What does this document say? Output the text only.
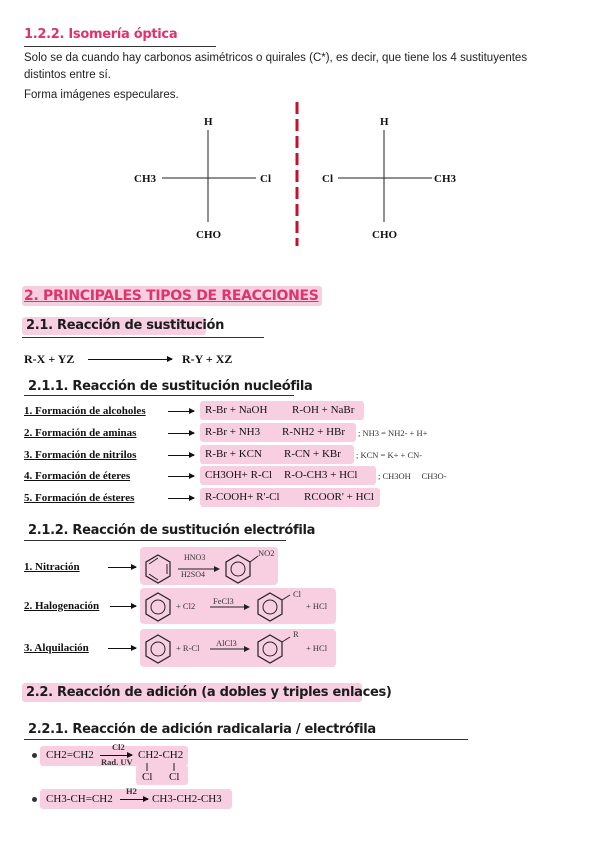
1.2.2. Isomería óptica
Solo se da cuando hay carbonos asimétricos o quirales (C*), es decir, que tiene los 4 sustituyentes
distintos entre sí.
Forma imágenes especulares.
H
CH3	Cl
CHO
H
Cl	CH3
CHO
2. PRINCIPALES TIPOS DE REACCIONES
2.1. Reacción de sustitución
R-X + YZ	R-Y + XZ
2.1.1. Reacción de sustitución nucleófila
1. Formación de alcoholes	R-Br + NaOH R-OH + NaBr
2. Formación de aminas	R-Br + NH3 R-NH2 + HBr ; NH3 = NH2- + H+
3. Formación de nitrilos	R-Br + KCN R-CN + KBr ; KCN = K+ + CN-
4. Formación de éteres	CH3OH+ R-Cl R-O-CH3 + HCl ; CH3OH     CH3O-
5. Formación de ésteres	R-COOH+ R'-Cl RCOOR' + HCl
2.1.2. Reacción de sustitución electrófila
1. Nitración
HNO3
H2SO4
NO2
2. Halogenación	+ Cl2 FeCl3
Cl
+ HCl
3. Alquilación	+ R-Cl AlCl3
R
+ HCl
2.2. Reacción de adición (a dobles y triples enlaces)
2.2.1. Reacción de adición radicalaria / electrófila
CH2=CH2
Cl2
Rad. UV
CH2-CH2
Cl Cl
CH3-CH=CH2
H2
CH3-CH2-CH3
